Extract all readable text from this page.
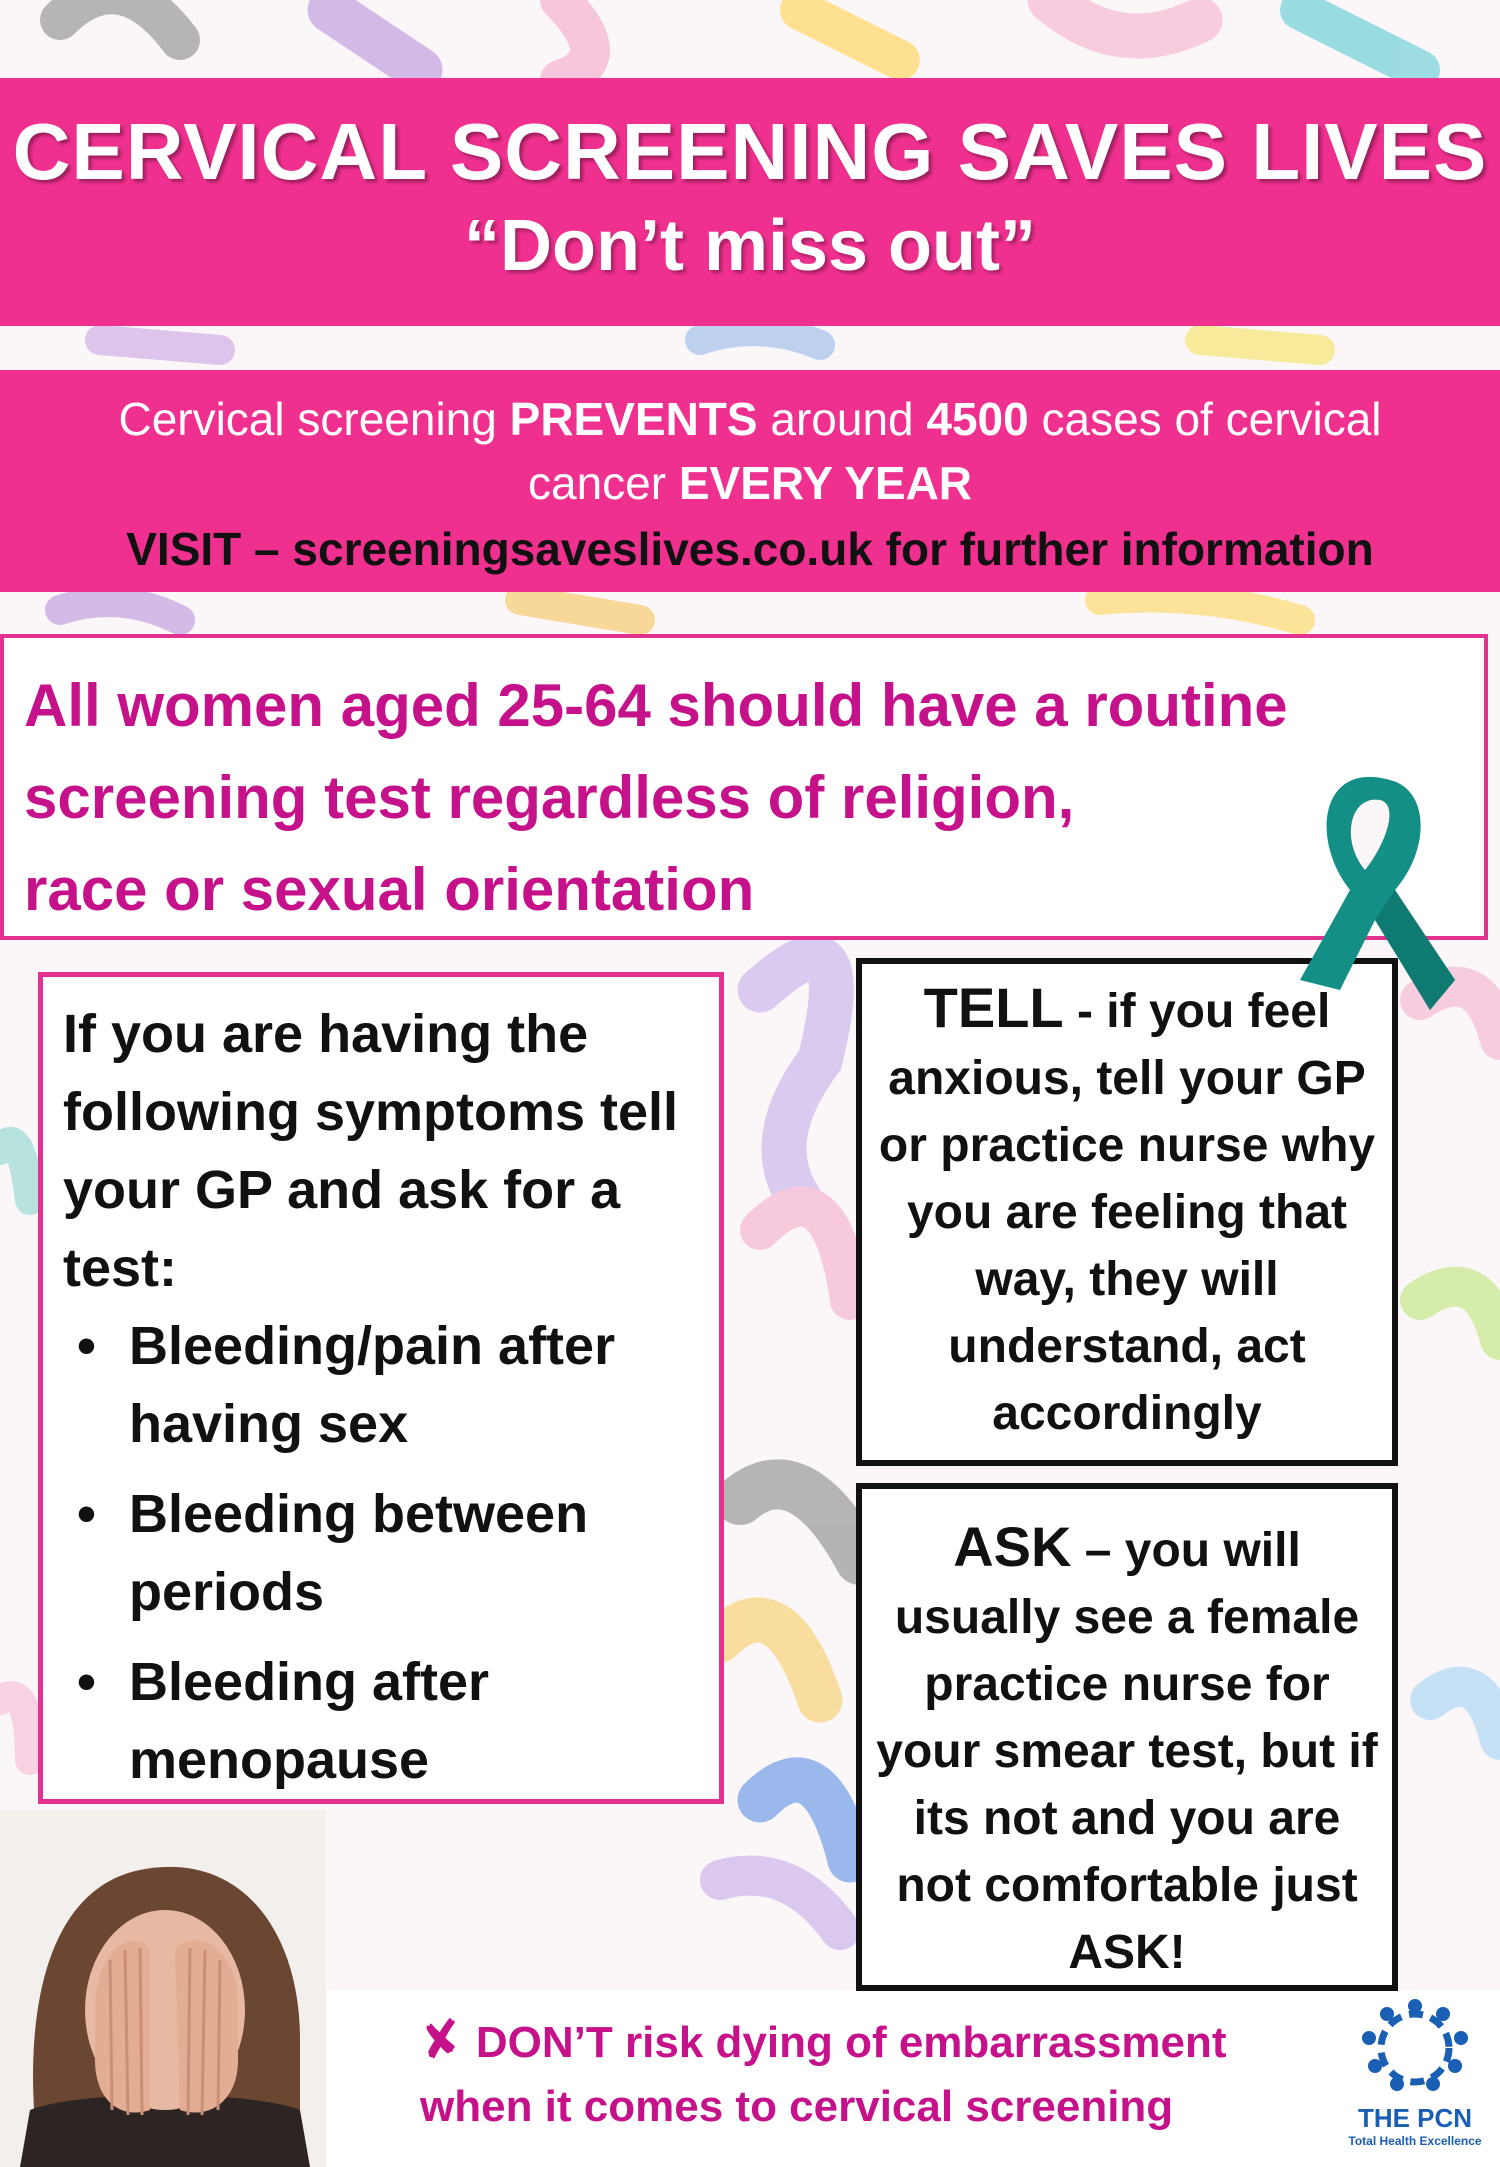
CERVICAL SCREENING SAVES LIVES
“Don’t miss out”
Cervical screening PREVENTS around 4500 cases of cervical
cancer EVERY YEAR
VISIT – screeningsaveslives.co.uk for further information
All women aged 25-64 should have a routine
screening test regardless of religion,
race or sexual orientation
If you are having the following symptoms tell your GP and ask for a test:
• Bleeding/pain after having sex
• Bleeding between periods
• Bleeding after menopause
TELL - if you feel anxious, tell your GP or practice nurse why you are feeling that way, they will understand, act accordingly
ASK – you will usually see a female practice nurse for your smear test, but if its not and you are not comfortable just ASK!
✘ DON’T risk dying of embarrassment
when it comes to cervical screening	THE PCN
Total Health Excellence
